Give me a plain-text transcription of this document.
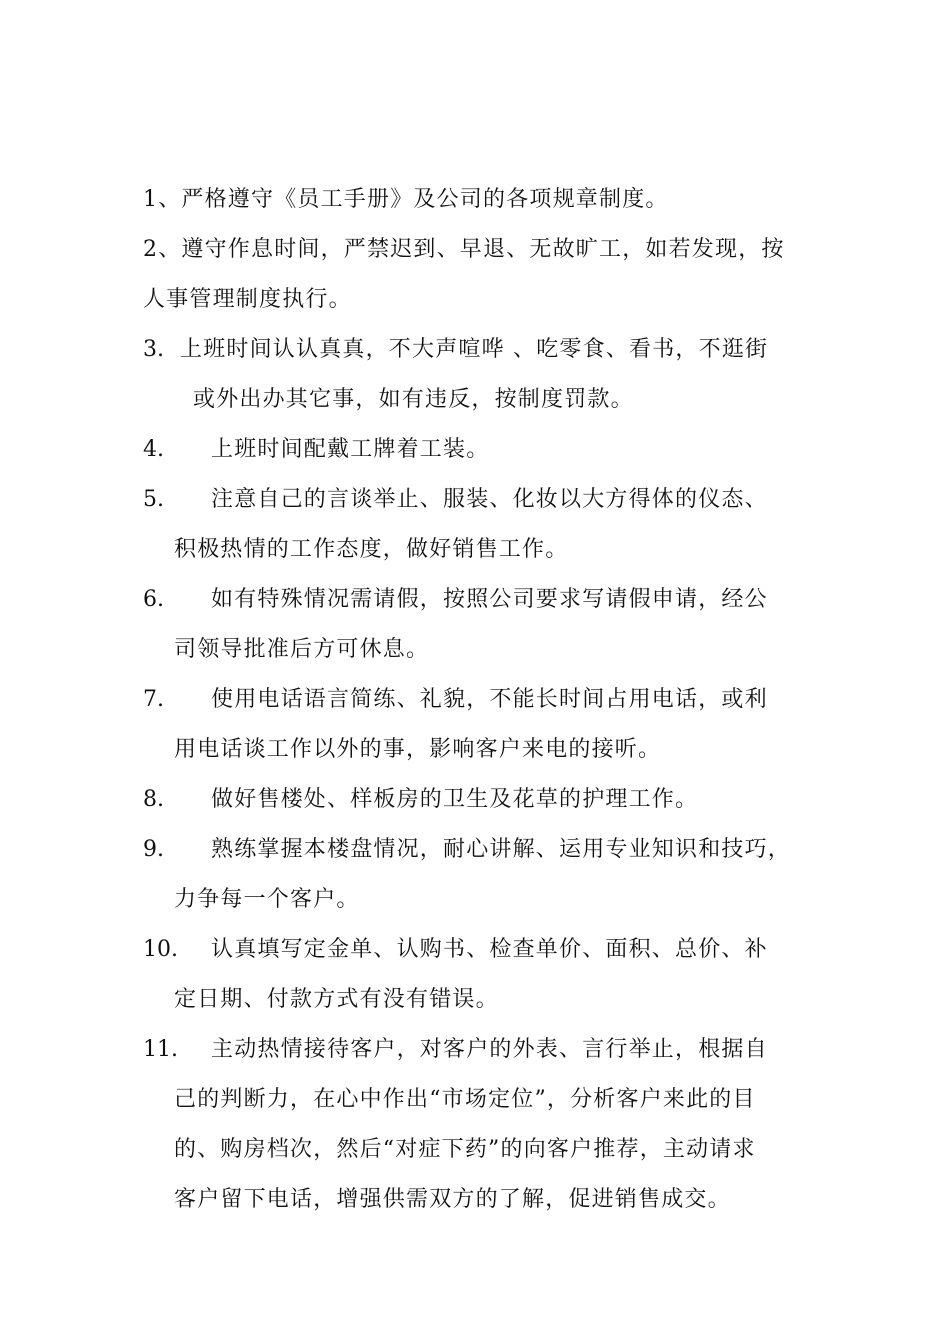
1、严格遵守《员工手册》及公司的各项规章制度。
2、遵守作息时间，严禁迟到、早退、无故旷工，如若发现，按
人事管理制度执行。
3. 上班时间认认真真，不大声喧哗 、吃零食、看书，不逛街
或外出办其它事，如有违反，按制度罚款。
4. 上班时间配戴工牌着工装。
5. 注意自己的言谈举止、服装、化妆以大方得体的仪态、
积极热情的工作态度，做好销售工作。
6. 如有特殊情况需请假，按照公司要求写请假申请，经公
司领导批准后方可休息。
7. 使用电话语言简练、礼貌，不能长时间占用电话，或利
用电话谈工作以外的事，影响客户来电的接听。
8. 做好售楼处、样板房的卫生及花草的护理工作。
9. 熟练掌握本楼盘情况，耐心讲解、运用专业知识和技巧，
力争每一个客户。
10. 认真填写定金单、认购书、检查单价、面积、总价、补
定日期、付款方式有没有错误。
11. 主动热情接待客户，对客户的外表、言行举止，根据自
己的判断力，在心中作出“市场定位”，分析客户来此的目
的、购房档次，然后“对症下药”的向客户推荐，主动请求
客户留下电话，增强供需双方的了解，促进销售成交。
